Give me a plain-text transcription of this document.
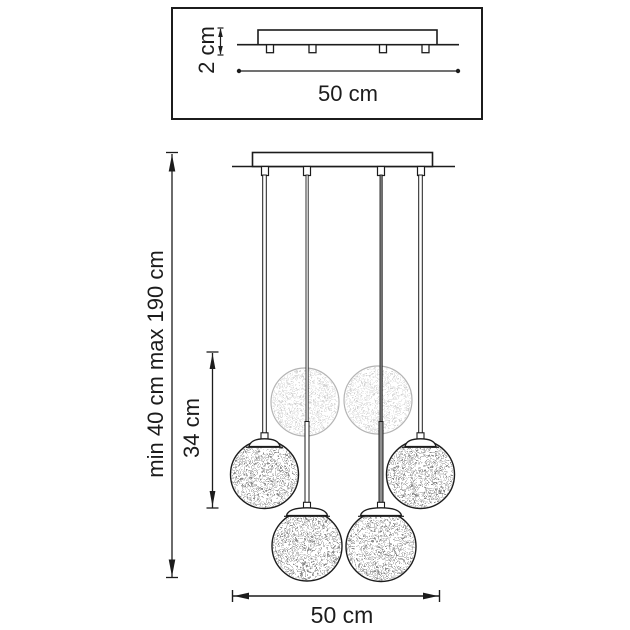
2 cm
50 cm
min 40 cm max 190 cm 34 cm
50 cm
